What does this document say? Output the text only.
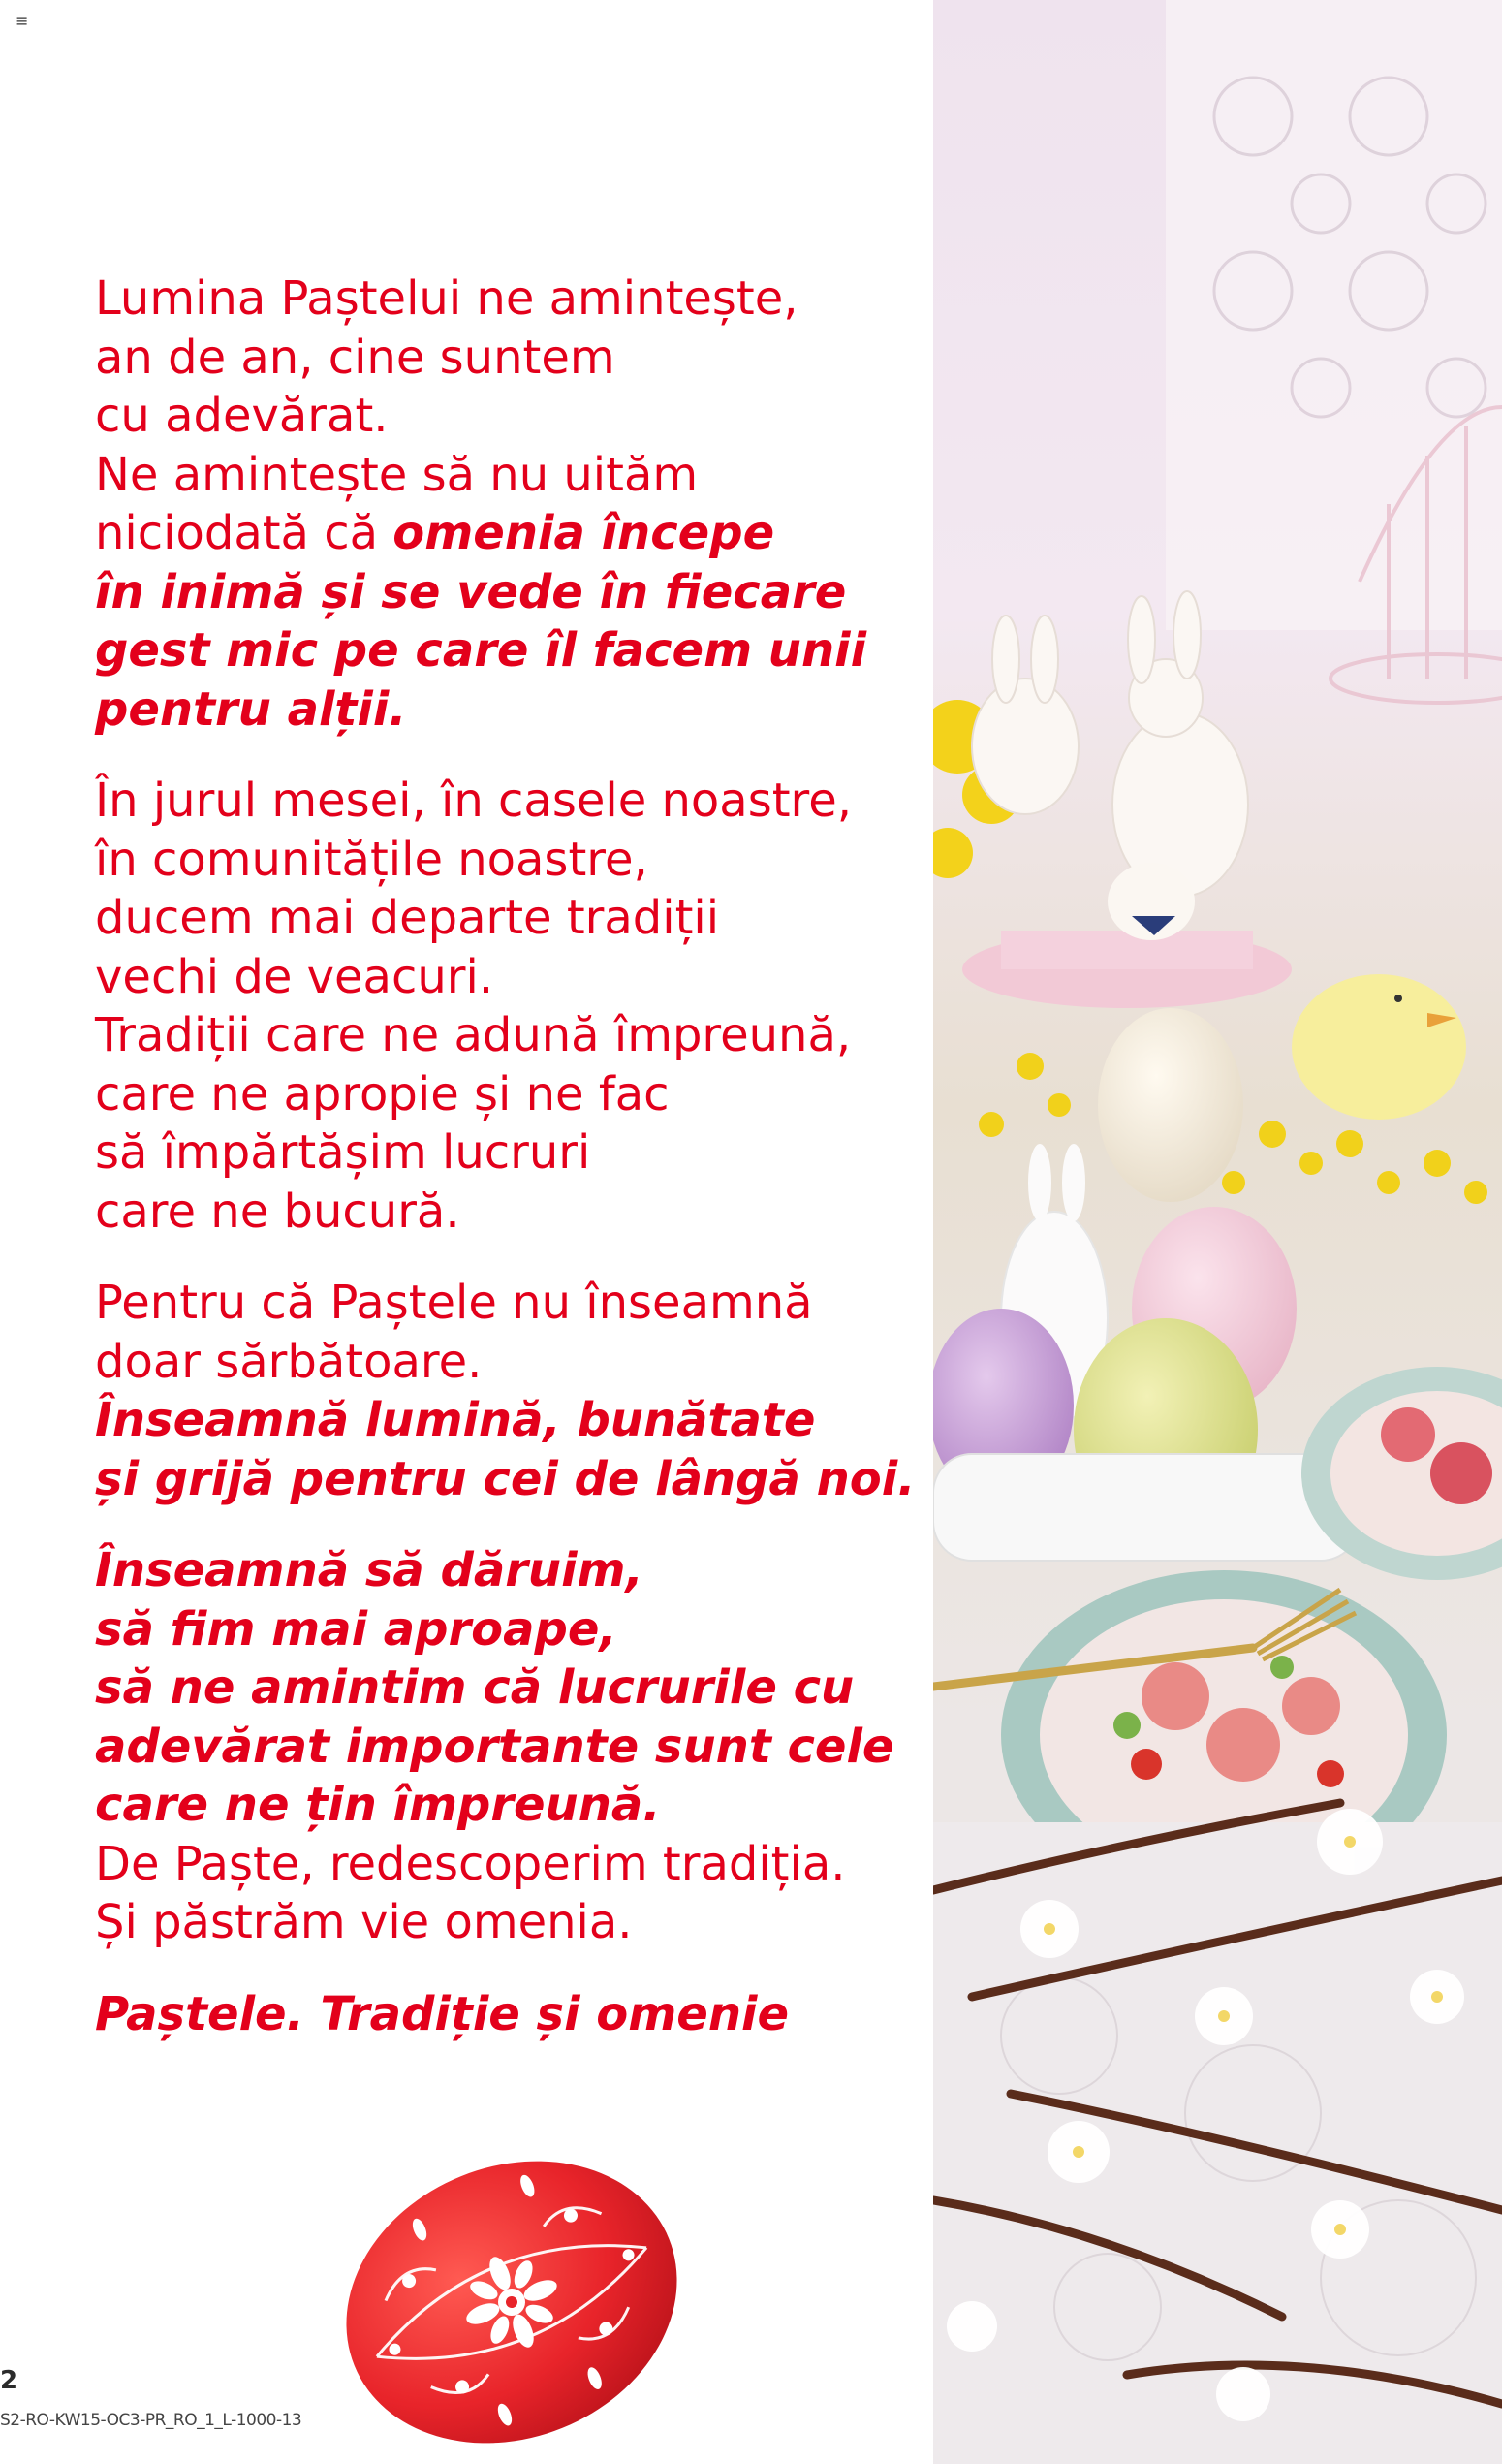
≡
Lumina Paștelui ne amintește,
an de an, cine suntem
cu adevărat.
Ne amintește să nu uităm
niciodată că omenia începe
în inimă și se vede în fiecare
gest mic pe care îl facem unii
pentru alții.
În jurul mesei, în casele noastre,
în comunitățile noastre,
ducem mai departe tradiții
vechi de veacuri.
Tradiții care ne adună împreună,
care ne apropie și ne fac
să împărtășim lucruri
care ne bucură.
Pentru că Paștele nu înseamnă
doar sărbătoare.
Înseamnă lumină, bunătate
și grijă pentru cei de lângă noi.
Înseamnă să dăruim,
să fim mai aproape,
să ne amintim că lucrurile cu
adevărat importante sunt cele
care ne țin împreună.
De Paște, redescoperim tradiția.
Și păstrăm vie omenia.
Paștele. Tradiție și omenie
2
S2-RO-KW15-OC3-PR_RO_1_L-1000-13
